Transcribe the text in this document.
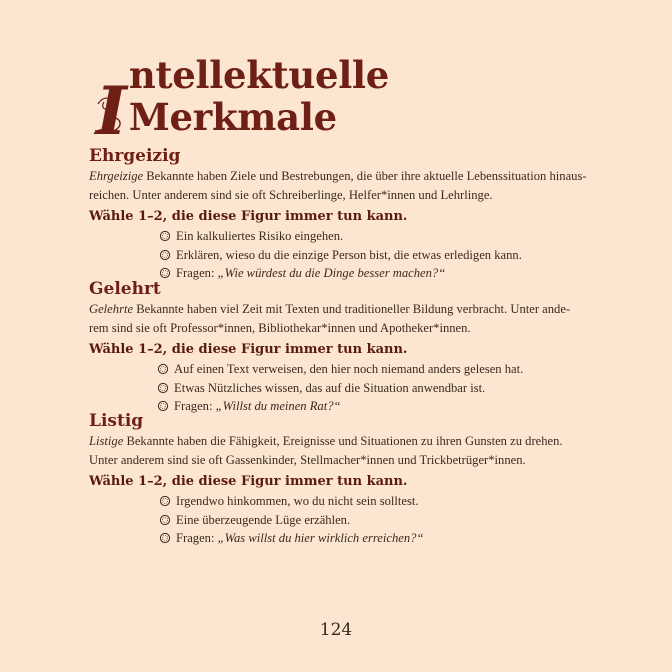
I ntellektuelle Merkmale
Ehrgeizig

Ehrgeizige Bekannte haben Ziele und Bestrebungen, die über ihre aktuelle Lebenssituation hinaus-
reichen. Unter anderem sind sie oft Schreiberlinge, Helfer*innen und Lehrlinge.

Wähle 1–2, die diese Figur immer tun kann.
Ein kalkuliertes Risiko eingehen.
Erklären, wieso du die einzige Person bist, die etwas erledigen kann.
Fragen:
„Wie würdest du die Dinge besser machen?“
Gelehrt

Gelehrte Bekannte haben viel Zeit mit Texten und traditioneller Bildung verbracht. Unter ande-
rem sind sie oft Professor*innen, Bibliothekar*innen und Apotheker*innen.

Wähle 1–2, die diese Figur immer tun kann.
Auf einen Text verweisen, den hier noch niemand anders gelesen hat.
Etwas Nützliches wissen, das auf die Situation anwendbar ist.
Fragen:
„Willst du meinen Rat?“
Listig

Listige Bekannte haben die Fähigkeit, Ereignisse und Situationen zu ihren Gunsten zu drehen.
Unter anderem sind sie oft Gassenkinder, Stellmacher*innen und Trickbetrüger*innen.

Wähle 1–2, die diese Figur immer tun kann.
Irgendwo hinkommen, wo du nicht sein solltest.
Eine überzeugende Lüge erzählen.
Fragen:
„Was willst du hier wirklich erreichen?“
124
